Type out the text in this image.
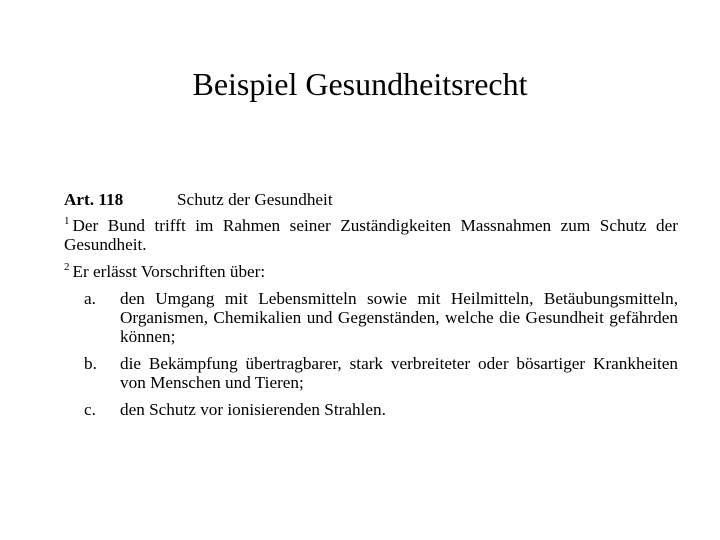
Beispiel Gesundheitsrecht
Art. 118	Schutz der Gesundheit

$^1$ Der Bund trifft im Rahmen seiner Zuständigkeiten Massnahmen zum Schutz der Gesundheit.

$^2$ Er erlässt Vorschriften über:

a.	den Umgang mit Lebensmitteln sowie mit Heilmitteln, Betäubungsmitteln, Organismen, Chemikalien und Gegenständen, welche die Gesundheit gefährden können;
b.	die Bekämpfung übertragbarer, stark verbreiteter oder bösartiger Krankheiten von Menschen und Tieren;
c.	den Schutz vor ionisierenden Strahlen.
